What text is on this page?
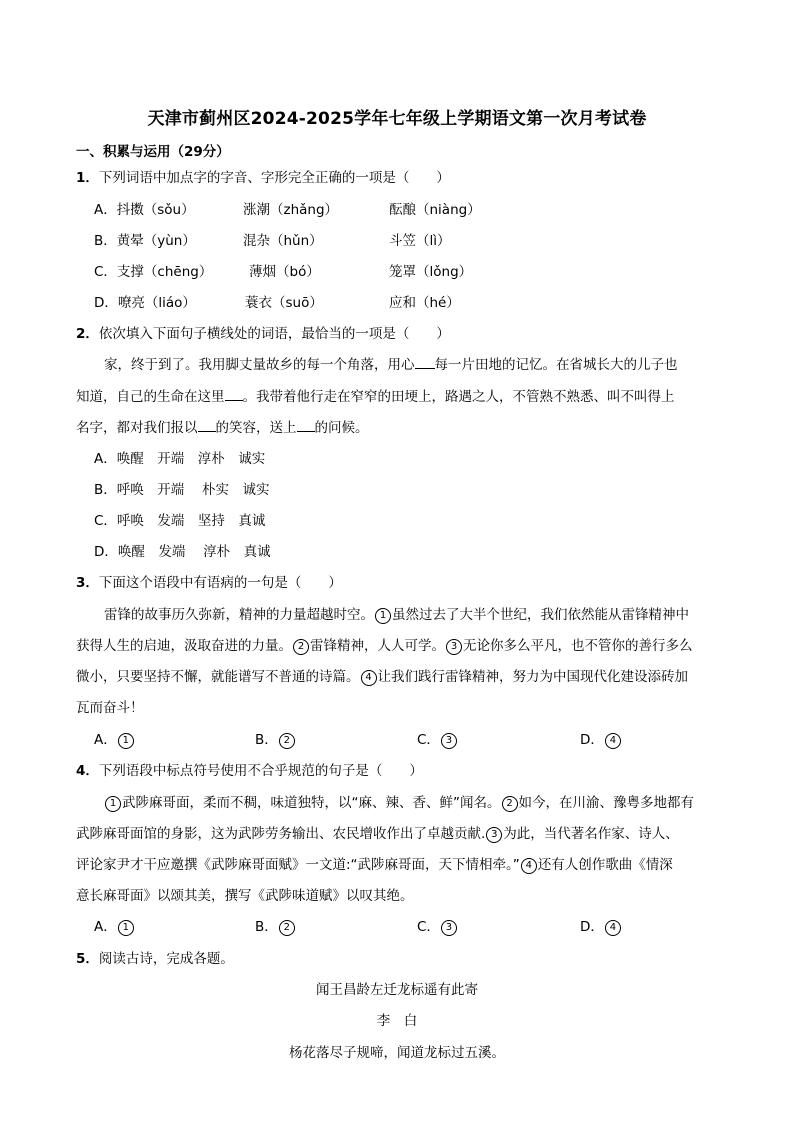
天津市蓟州区2024-2025学年七年级上学期语文第一次月考试卷
一、积累与运用（29分）
1．下列词语中加点字的字音、字形完全正确的一项是（　　）
A．抖擞（sǒu）	涨潮（zhǎng）	酝酿（niàng）
B．黄晕（yùn）	混杂（hǔn）	斗笠（lì）
C．支撑（chēng）	薄烟（bó）	笼罩（lǒng）
D．嘹亮（liáo）	蓑衣（suō）	应和（hé）
2．依次填入下面句子横线处的词语，最恰当的一项是（　　）
家，终于到了。我用脚丈量故乡的每一个角落，用心 每一片田地的记忆。在省城长大的儿子也
知道，自己的生命在这里 。我带着他行走在窄窄的田埂上，路遇之人，不管熟不熟悉、叫不叫得上
名字，都对我们报以 的笑容，送上 的问候。
A．唤醒　开端　淳朴　诚实
B．呼唤　开端　 朴实　诚实
C．呼唤　发端　坚持　真诚
D．唤醒　发端　 淳朴　真诚
3．下面这个语段中有语病的一句是（　　）
雷锋的故事历久弥新，精神的力量超越时空。 1 虽然过去了大半个世纪，我们依然能从雷锋精神中
获得人生的启迪，汲取奋进的力量。 2 雷锋精神，人人可学。 3 无论你多么平凡，也不管你的善行多么
微小，只要坚持不懈，就能谱写不普通的诗篇。 4 让我们践行雷锋精神，努力为中国现代化建设添砖加
瓦而奋斗！
A． 1	B． 2	C． 3	D． 4
4．下列语段中标点符号使用不合乎规范的句子是（　　）
1 武陟麻哥面，柔而不稠，味道独特，以“麻、辣、香、鲜”闻名。 2 如今，在川渝、豫粤多地都有
武陟麻哥面馆的身影，这为武陟劳务输出、农民增收作出了卓越贡献. 3 为此，当代著名作家、诗人、
评论家尹才干应邀撰《武陟麻哥面赋》一文道:“武陟麻哥面，天下情相牵。” 4 还有人创作歌曲《情深
意长麻哥面》以颂其美，撰写《武陟味道赋》以叹其绝。
A． 1	B． 2	C． 3	D． 4
5．阅读古诗，完成各题。
闻王昌龄左迁龙标遥有此寄
李　白
杨花落尽子规啼，闻道龙标过五溪。
